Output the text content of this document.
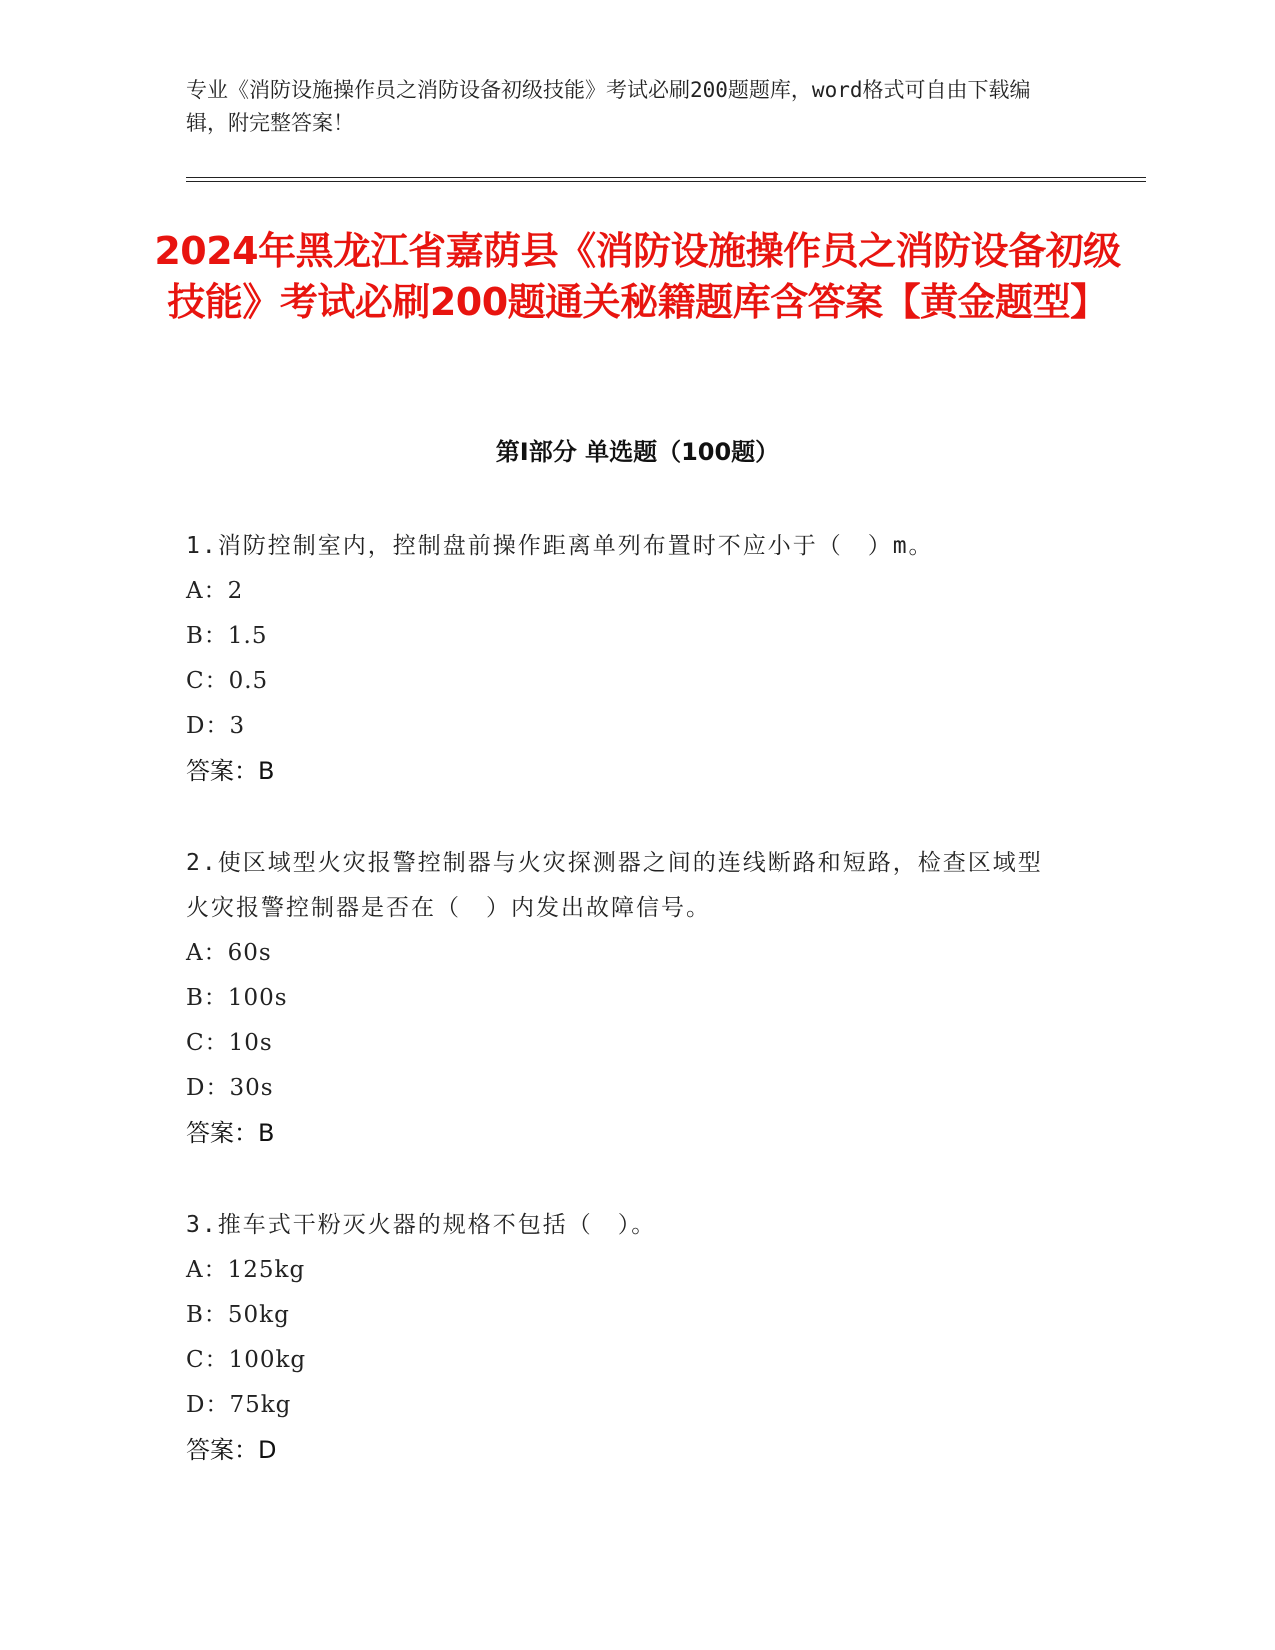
专业《消防设施操作员之消防设备初级技能》考试必刷200题题库，word格式可自由下载编辑，附完整答案！

2024年黑龙江省嘉荫县《消防设施操作员之消防设备初级技能》考试必刷200题通关秘籍题库含答案【黄金题型】
第Ⅰ部分 单选题（100题）

1.消防控制室内，控制盘前操作距离单列布置时不应小于（　）m。

A：2

B：1.5

C：0.5

D：3

答案：B

2.使区域型火灾报警控制器与火灾探测器之间的连线断路和短路，检查区域型火灾报警控制器是否在（　）内发出故障信号。

A：60s

B：100s

C：10s

D：30s

答案：B

3.推车式干粉灭火器的规格不包括（　）。

A：125kg

B：50kg

C：100kg

D：75kg

答案：D
